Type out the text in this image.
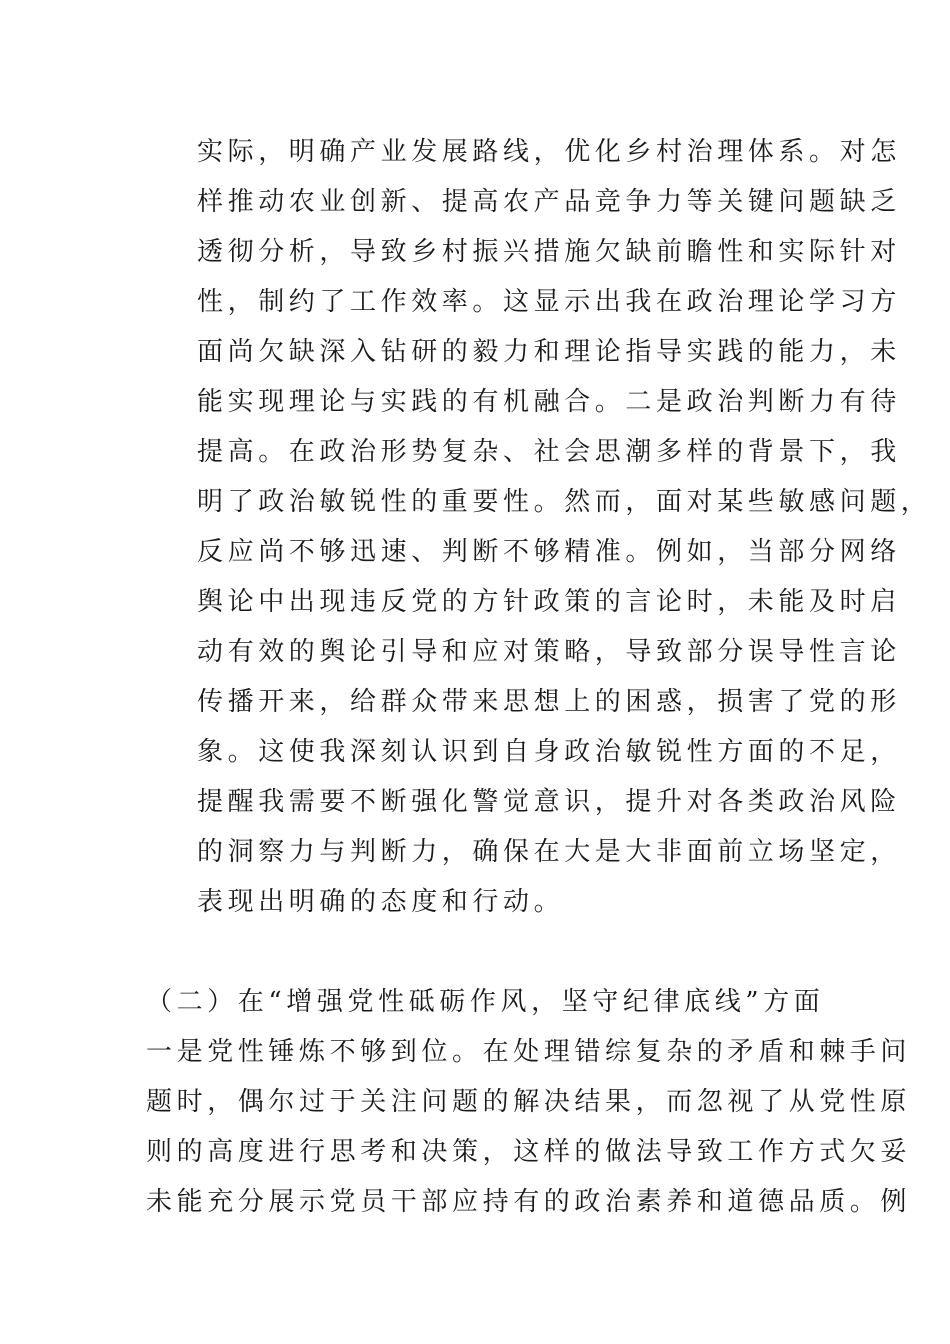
实际，明确产业发展路线，优化乡村治理体系。对怎
样推动农业创新、提高农产品竞争力等关键问题缺乏
透彻分析，导致乡村振兴措施欠缺前瞻性和实际针对
性，制约了工作效率。这显示出我在政治理论学习方
面尚欠缺深入钻研的毅力和理论指导实践的能力，未
能实现理论与实践的有机融合。二是政治判断力有待
提高。在政治形势复杂、社会思潮多样的背景下，我
明了政治敏锐性的重要性。然而，面对某些敏感问题，
反应尚不够迅速、判断不够精准。例如，当部分网络
舆论中出现违反党的方针政策的言论时，未能及时启
动有效的舆论引导和应对策略，导致部分误导性言论
传播开来，给群众带来思想上的困惑，损害了党的形
象。这使我深刻认识到自身政治敏锐性方面的不足，
提醒我需要不断强化警觉意识，提升对各类政治风险
的洞察力与判断力，确保在大是大非面前立场坚定，
表现出明确的态度和行动。
（二）在“增强党性砥砺作风，坚守纪律底线”方面
一是党性锤炼不够到位。在处理错综复杂的矛盾和棘手问
题时，偶尔过于关注问题的解决结果，而忽视了从党性原
则的高度进行思考和决策，这样的做法导致工作方式欠妥
未能充分展示党员干部应持有的政治素养和道德品质。例
